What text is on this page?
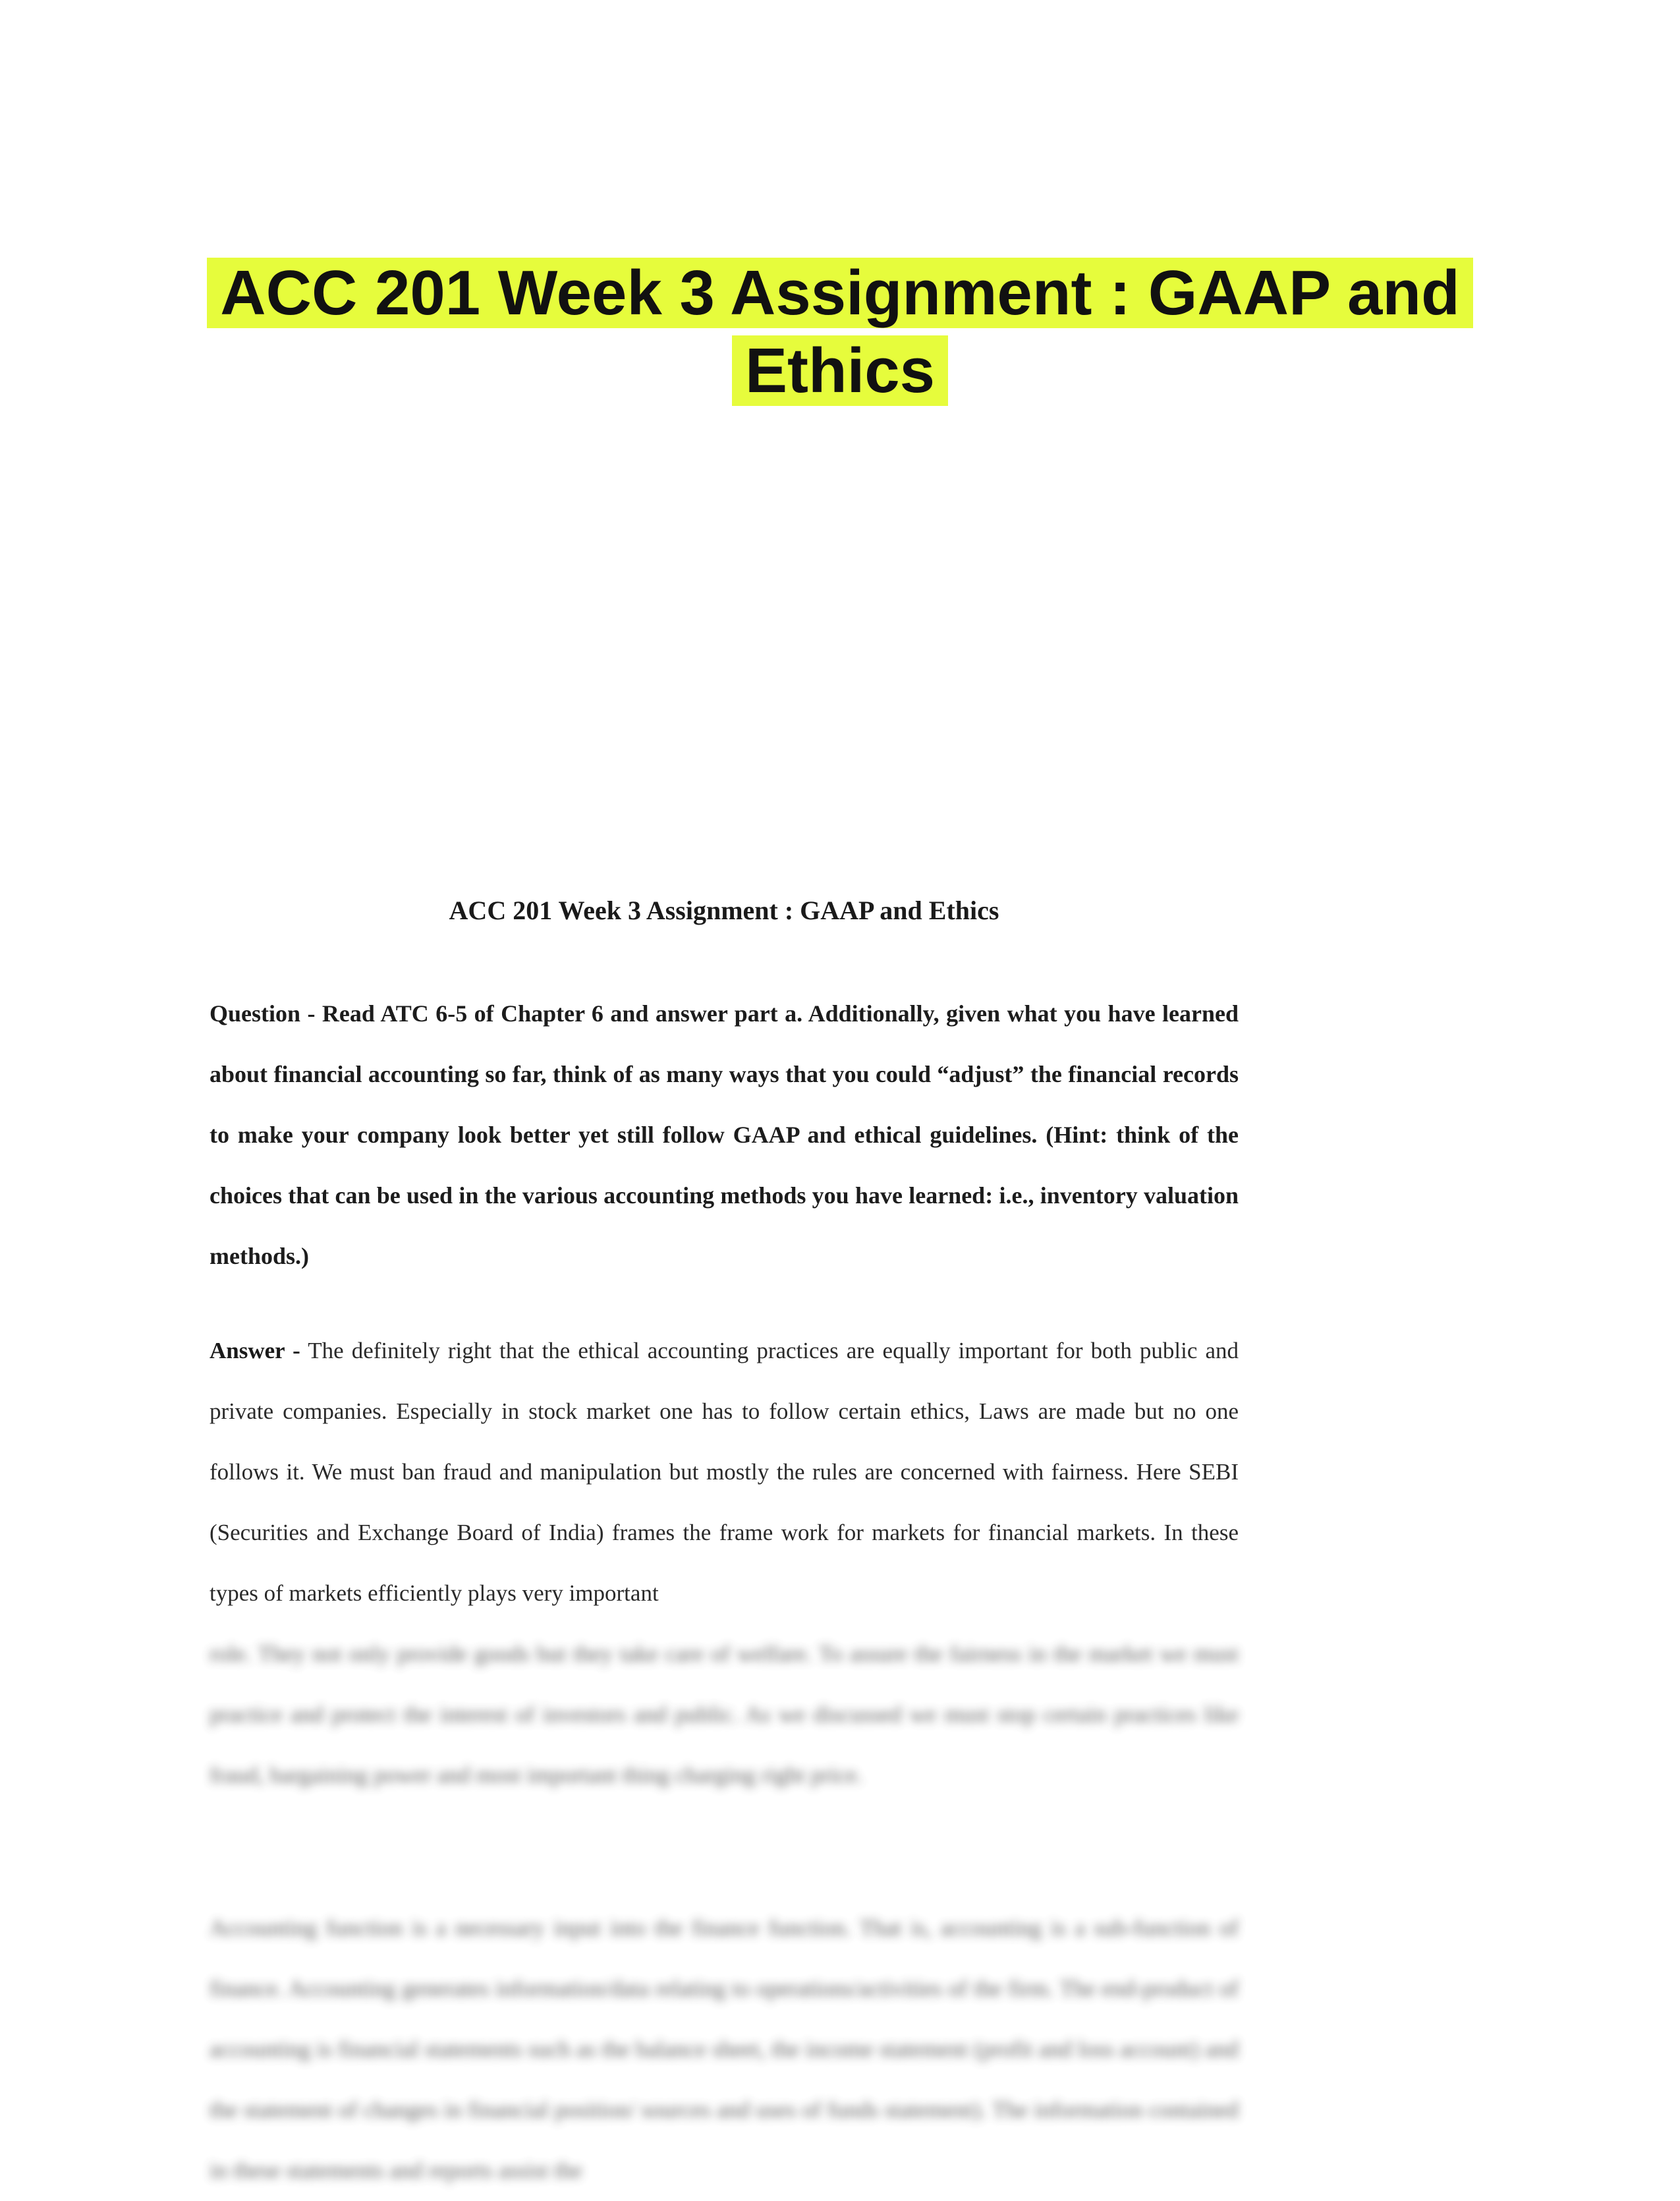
ACC 201 Week 3 Assignment : GAAP and
Ethics
ACC 201 Week 3 Assignment : GAAP and Ethics
Question - Read ATC 6-5 of Chapter 6 and answer part a. Additionally, given what you have learned about financial accounting so far, think of as many ways that you could “adjust” the financial records to make your company look better yet still follow GAAP and ethical guidelines. (Hint: think of the choices that can be used in the various accounting methods you have learned: i.e., inventory valuation methods.)
Answer - The definitely right that the ethical accounting practices are equally important for both public and private companies. Especially in stock market one has to follow certain ethics, Laws are made but no one follows it. We must ban fraud and manipulation but mostly the rules are concerned with fairness. Here SEBI (Securities and Exchange Board of India) frames the frame work for markets for financial markets. In these types of markets efficiently plays very important
role. They not only provide goods but they take care of welfare. To assure the fairness in the market we must practice and protect the interest of investors and public. As we discussed we must stop certain practices like fraud, bargaining power and most important thing charging right price.
Accounting function is a necessary input into the finance function. That is, accounting is a sub-function of finance. Accounting generates information/data relating to operations/activities of the firm. The end-product of accounting is financial statements such as the balance sheet, the income statement (profit and loss account) and the statement of changes in financial position/ sources and uses of funds statement). The information contained in these statements and reports assist the
